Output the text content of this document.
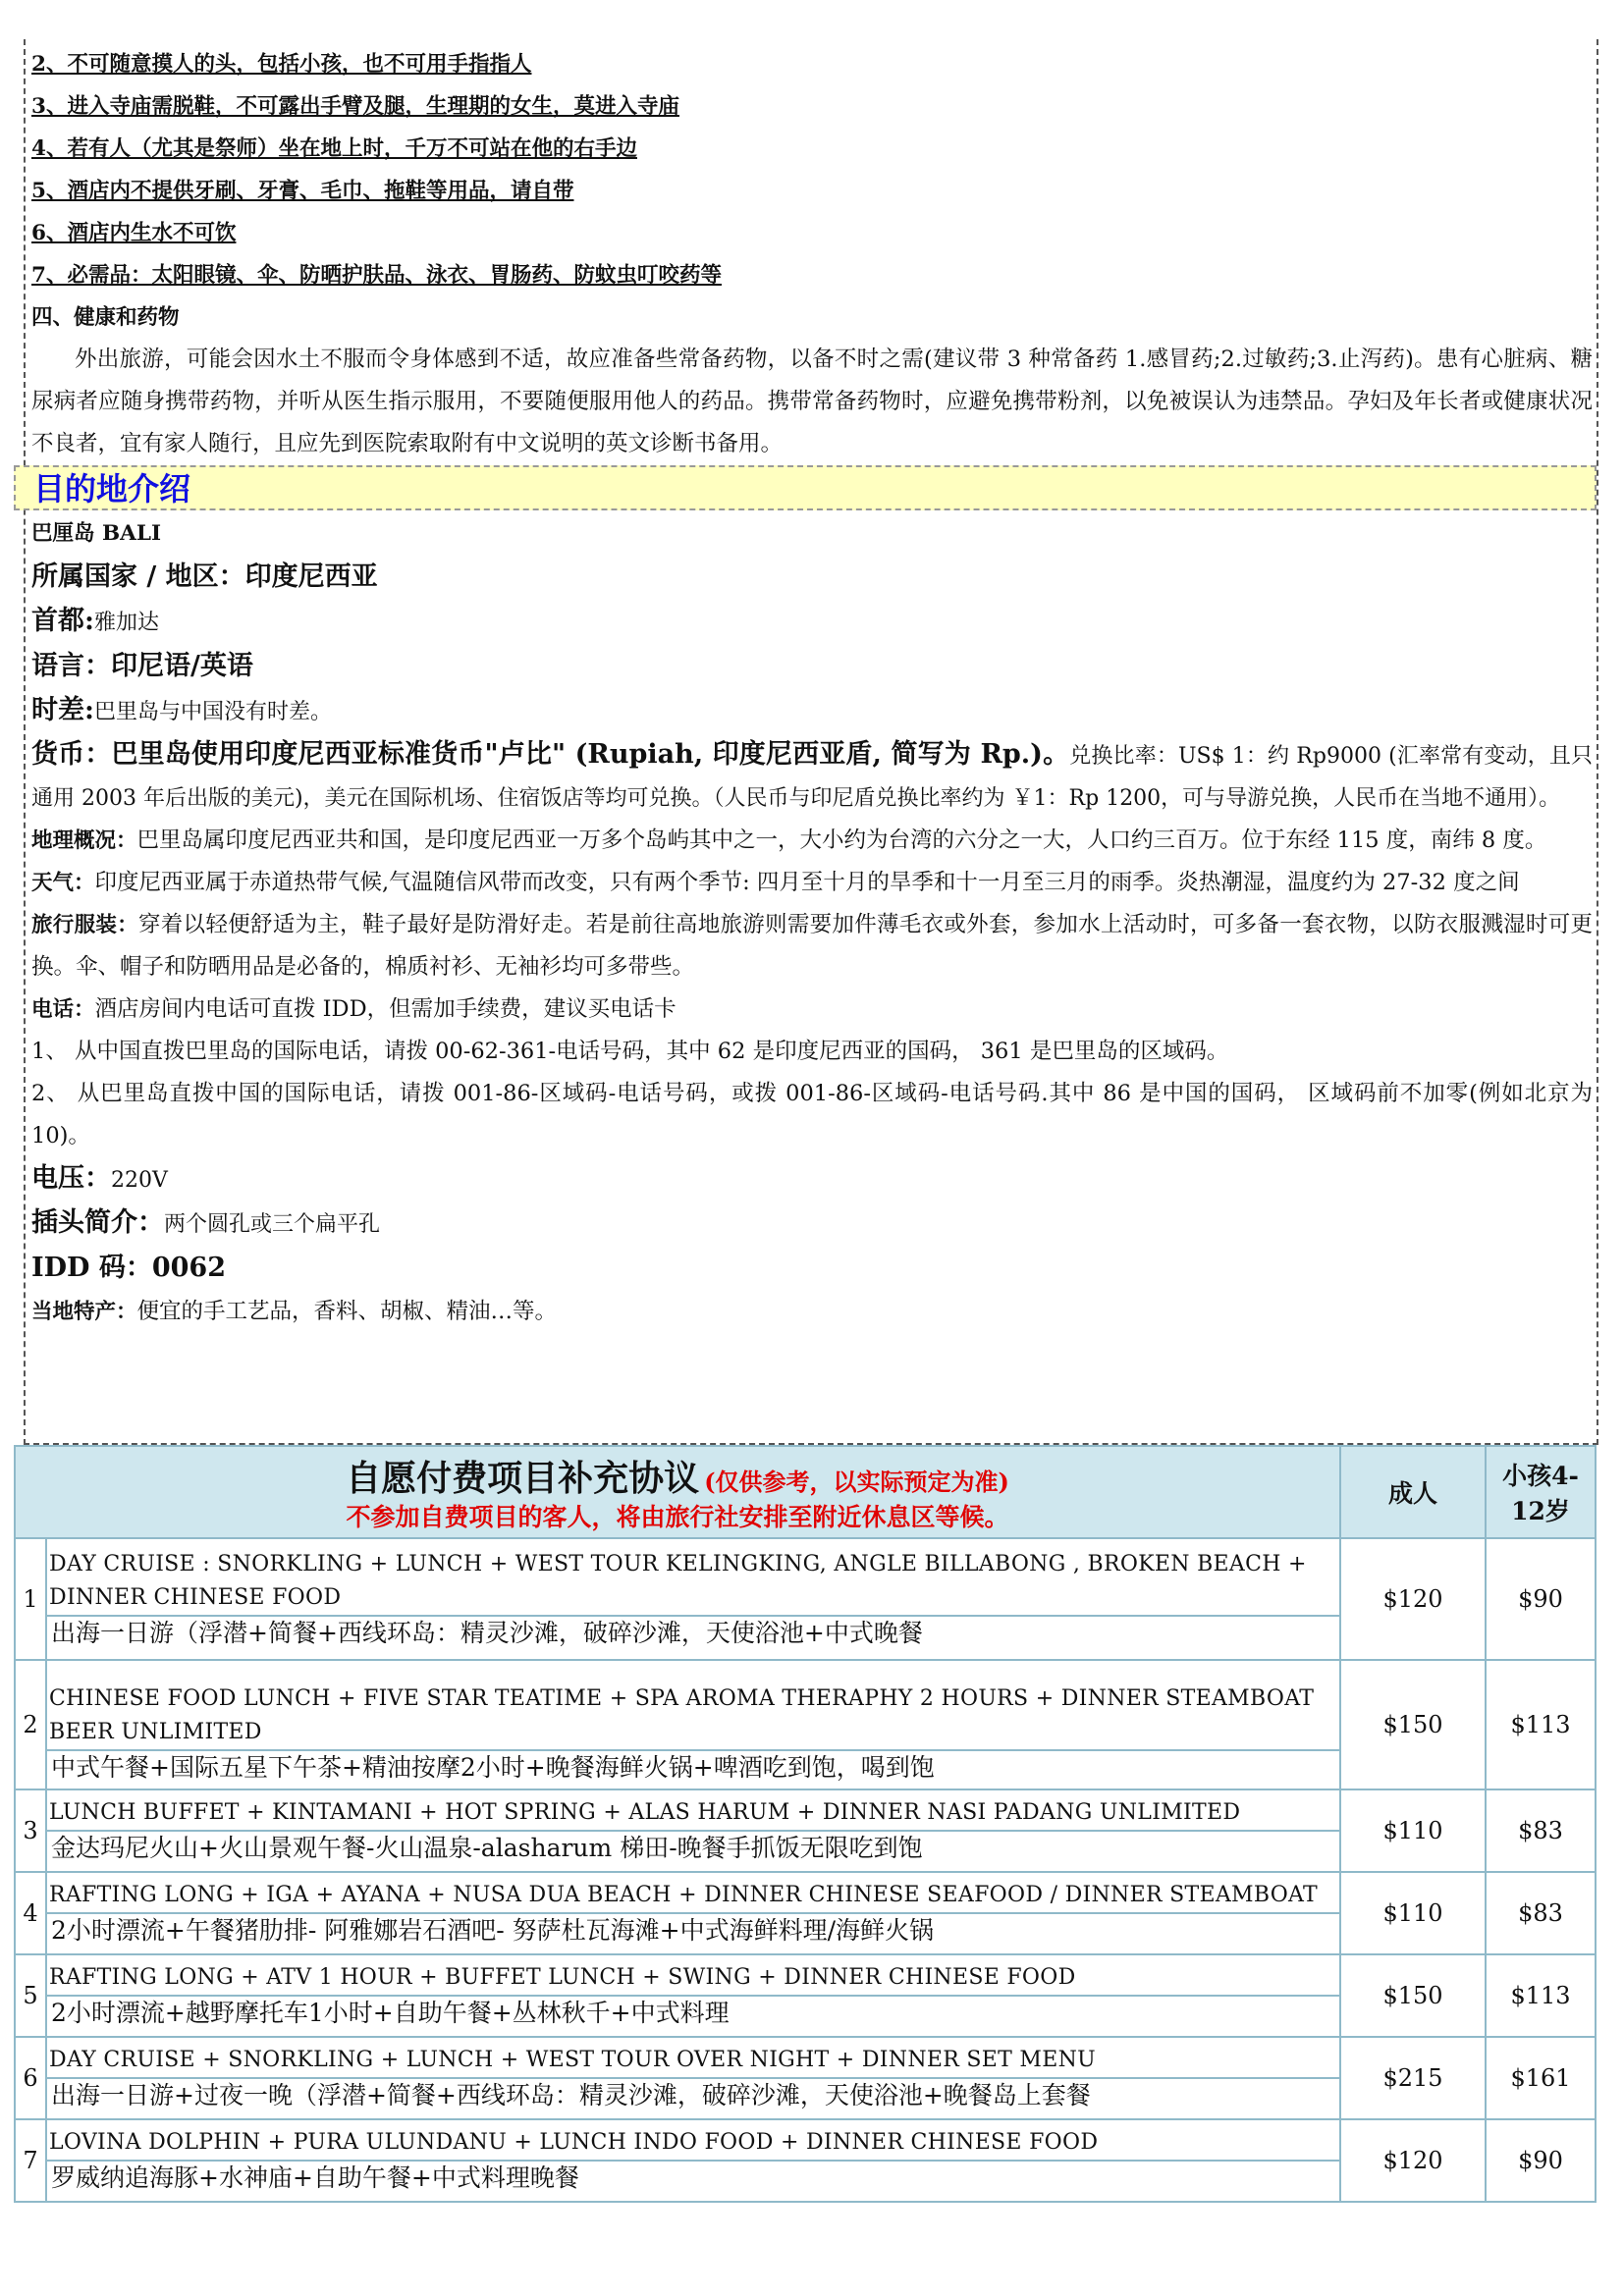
2、不可随意摸人的头，包括小孩，也不可用手指指人
3、进入寺庙需脱鞋，不可露出手臂及腿，生理期的女生，莫进入寺庙
4、若有人（尤其是祭师）坐在地上时，千万不可站在他的右手边
5、酒店内不提供牙刷、牙膏、毛巾、拖鞋等用品，请自带
6、酒店内生水不可饮
7、必需品：太阳眼镜、伞、防晒护肤品、泳衣、胃肠药、防蚊虫叮咬药等
四、健康和药物
外出旅游，可能会因水土不服而令身体感到不适，故应准备些常备药物，以备不时之需(建议带 3 种常备药 1.感冒药;2.过敏药;3.止泻药)。患有心脏病、糖尿病者应随身携带药物，并听从医生指示服用，不要随便服用他人的药品。携带常备药物时，应避免携带粉剂，以免被误认为违禁品。孕妇及年长者或健康状况不良者，宜有家人随行，且应先到医院索取附有中文说明的英文诊断书备用。
目的地介绍
巴厘岛 BALI
所属国家 / 地区：印度尼西亚
首都:雅加达
语言：印尼语/英语
时差:巴里岛与中国没有时差。
货币：巴里岛使用印度尼西亚标准货币"卢比" (Rupiah, 印度尼西亚盾, 简写为 Rp.)。兑换比率：US$ 1：约 Rp9000 (汇率常有变动，且只通用 2003 年后出版的美元)，美元在国际机场、住宿饭店等均可兑换。（人民币与印尼盾兑换比率约为 ￥1：Rp 1200，可与导游兑换，人民币在当地不通用）。
地理概况：巴里岛属印度尼西亚共和国，是印度尼西亚一万多个岛屿其中之一，大小约为台湾的六分之一大，人口约三百万。位于东经 115 度，南纬 8 度。
天气：印度尼西亚属于赤道热带气候,气温随信风带而改变，只有两个季节: 四月至十月的旱季和十一月至三月的雨季。炎热潮湿，温度约为 27-32 度之间
旅行服装：穿着以轻便舒适为主，鞋子最好是防滑好走。若是前往高地旅游则需要加件薄毛衣或外套，参加水上活动时，可多备一套衣物，以防衣服溅湿时可更换。伞、帽子和防晒用品是必备的，棉质衬衫、无袖衫均可多带些。
电话：酒店房间内电话可直拨 IDD，但需加手续费，建议买电话卡
1、 从中国直拨巴里岛的国际电话，请拨 00-62-361-电话号码，其中 62 是印度尼西亚的国码， 361 是巴里岛的区域码。
2、 从巴里岛直拨中国的国际电话，请拨 001-86-区域码-电话号码，或拨 001-86-区域码-电话号码.其中 86 是中国的国码， 区域码前不加零(例如北京为 10)。
电压：220V
插头简介：两个圆孔或三个扁平孔
IDD 码：0062
当地特产：便宜的手工艺品，香料、胡椒、精油…等。
自愿付费项目补充协议 (仅供参考，以实际预定为准)
不参加自费项目的客人，将由旅行社安排至附近休息区等候。		成人	小孩4-12岁
1	DAY CRUISE : SNORKLING + LUNCH + WEST TOUR KELINGKING, ANGLE BILLABONG , BROKEN BEACH + DINNER CHINESE FOOD
出海一日游（浮潜+简餐+西线环岛：精灵沙滩，破碎沙滩，天使浴池+中式晚餐	$120	$90
2	CHINESE FOOD LUNCH + FIVE STAR TEATIME + SPA AROMA THERAPHY 2 HOURS + DINNER STEAMBOAT BEER UNLIMITED
中式午餐+国际五星下午茶+精油按摩2小时+晚餐海鲜火锅+啤酒吃到饱，喝到饱	$150	$113
3	LUNCH BUFFET + KINTAMANI + HOT SPRING + ALAS HARUM + DINNER NASI PADANG UNLIMITED
金达玛尼火山+火山景观午餐-火山温泉-alasharum 梯田-晚餐手抓饭无限吃到饱	$110	$83
4	RAFTING LONG + IGA + AYANA + NUSA DUA BEACH + DINNER CHINESE SEAFOOD / DINNER STEAMBOAT
2小时漂流+午餐猪肋排- 阿雅娜岩石酒吧- 努萨杜瓦海滩+中式海鲜料理/海鲜火锅	$110	$83
5	RAFTING LONG + ATV 1 HOUR + BUFFET LUNCH + SWING + DINNER CHINESE FOOD
2小时漂流+越野摩托车1小时+自助午餐+丛林秋千+中式料理	$150	$113
6	DAY CRUISE + SNORKLING + LUNCH + WEST TOUR OVER NIGHT + DINNER SET MENU
出海一日游+过夜一晚（浮潜+简餐+西线环岛：精灵沙滩，破碎沙滩，天使浴池+晚餐岛上套餐	$215	$161
7	LOVINA DOLPHIN + PURA ULUNDANU + LUNCH INDO FOOD + DINNER CHINESE FOOD
罗威纳追海豚+水神庙+自助午餐+中式料理晚餐	$120	$90
